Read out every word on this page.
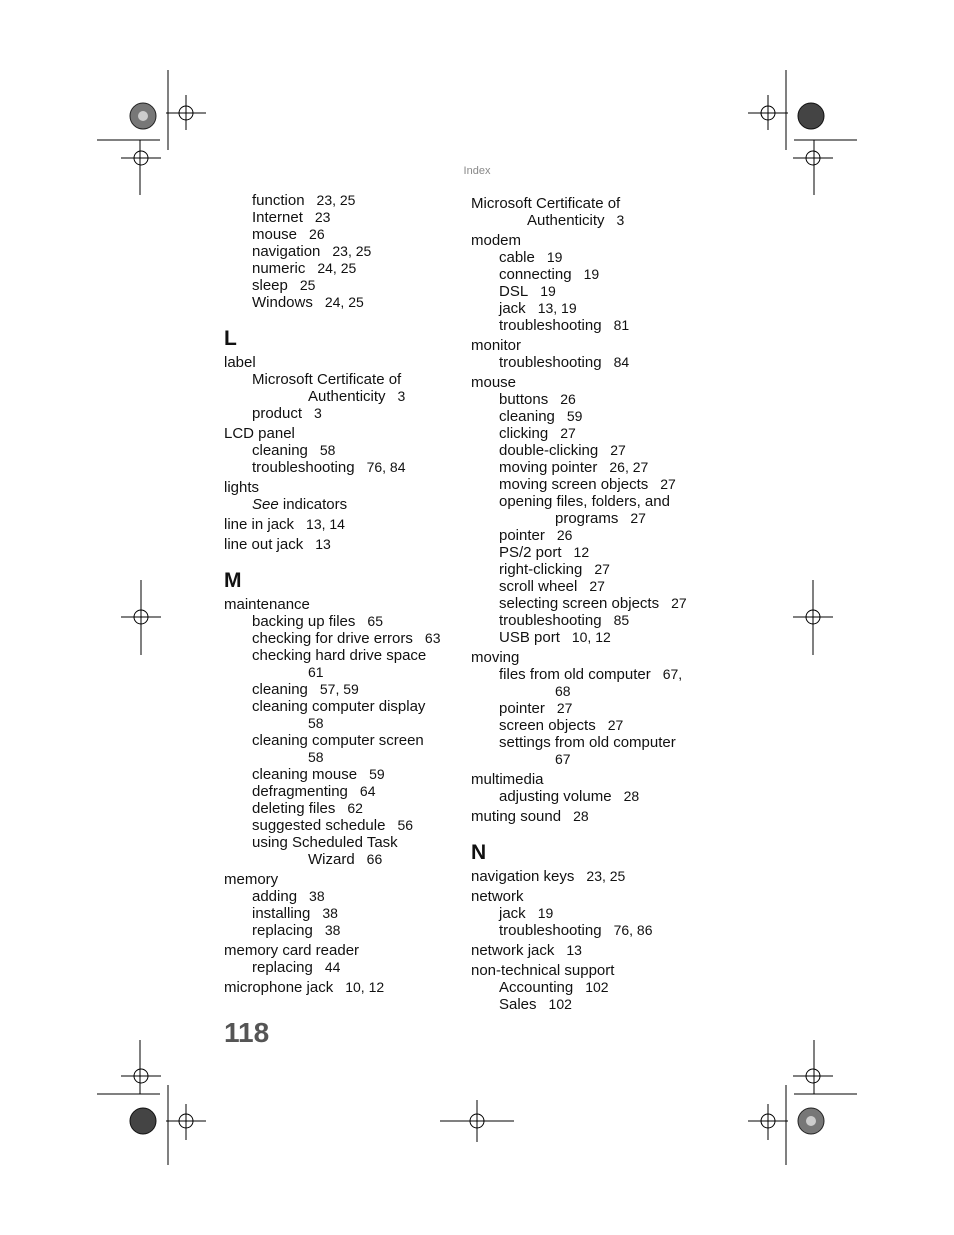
Index
function 23, 25
Internet 23
mouse 26
navigation 23, 25
numeric 24, 25
sleep 25
Windows 24, 25
L
label
Microsoft Certificate of
Authenticity 3
product 3
LCD panel
cleaning 58
troubleshooting 76, 84
lights
See indicators
line in jack 13, 14
line out jack 13
M
maintenance
backing up files 65
checking for drive errors 63
checking hard drive space
61
cleaning 57, 59
cleaning computer display
58
cleaning computer screen
58
cleaning mouse 59
defragmenting 64
deleting files 62
suggested schedule 56
using Scheduled Task
Wizard 66
memory
adding 38
installing 38
replacing 38
memory card reader
replacing 44
microphone jack 10, 12
Microsoft Certificate of
Authenticity 3
modem
cable 19
connecting 19
DSL 19
jack 13, 19
troubleshooting 81
monitor
troubleshooting 84
mouse
buttons 26
cleaning 59
clicking 27
double-clicking 27
moving pointer 26, 27
moving screen objects 27
opening files, folders, and
programs 27
pointer 26
PS/2 port 12
right-clicking 27
scroll wheel 27
selecting screen objects 27
troubleshooting 85
USB port 10, 12
moving
files from old computer 67,
68
pointer 27
screen objects 27
settings from old computer
67
multimedia
adjusting volume 28
muting sound 28
N
navigation keys 23, 25
network
jack 19
troubleshooting 76, 86
network jack 13
non-technical support
Accounting 102
Sales 102
118
